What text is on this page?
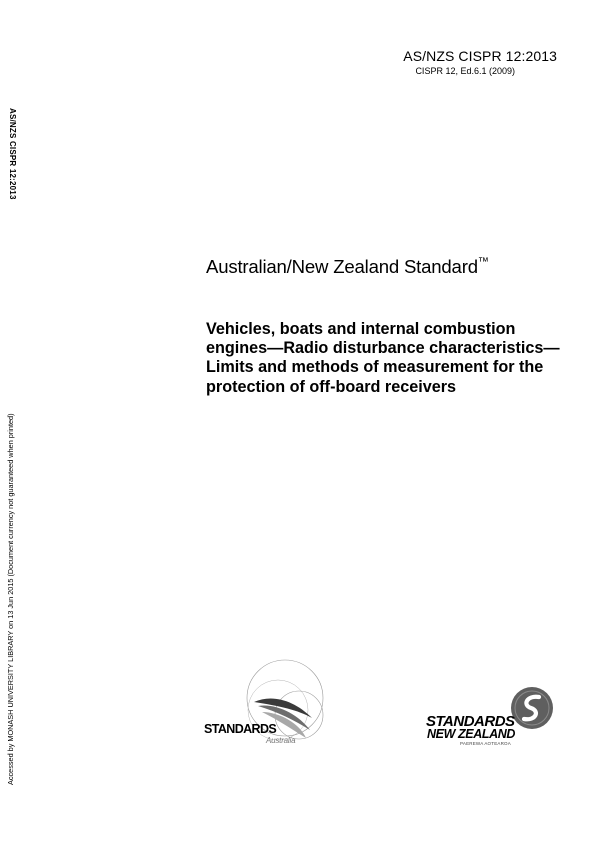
AS/NZS CISPR 12:2013
CISPR 12, Ed.6.1 (2009)
AS/NZS CISPR 12:2013
Accessed by MONASH UNIVERSITY LIBRARY on 13 Jun 2015 (Document currency not guaranteed when printed)
Australian/New Zealand Standard™
Vehicles, boats and internal combustion engines—Radio disturbance characteristics—Limits and methods of measurement for the protection of off-board receivers
STANDARDS
Australia
STANDARDS
NEW ZEALAND
PAEREWA AOTEAROA
